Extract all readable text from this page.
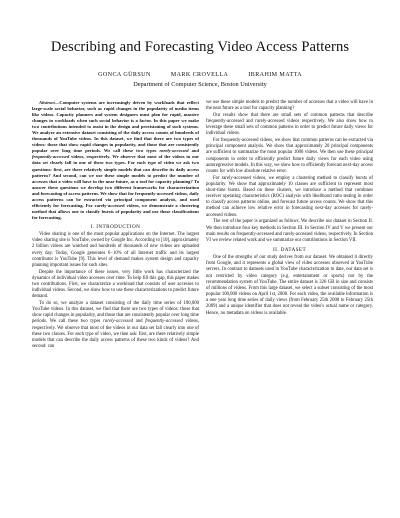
Describing and Forecasting Video Access Patterns
GONCA GÜRSUN	MARK CROVELLA	IBRAHIM MATTA
Department of Computer Science, Boston University

Abstract—Computer systems are increasingly driven by workloads that reflect large-scale social behavior, such as rapid changes in the popularity of media items like videos. Capacity planners and system designers must plan for rapid, massive changes in workloads when such social behavior is a factor. In this paper we make two contributions intended to assist in the design and provisioning of such systems. We analyze an extensive dataset consisting of the daily access counts of hundreds of thousands of YouTube videos. In this dataset, we find that there are two types of videos: those that show rapid changes in popularity, and those that are consistently popular over long time periods. We call these two types rarely-accessed and frequently-accessed videos, respectively. We observe that most of the videos in our data set clearly fall in one of these two types. For each type of video we ask two questions: first, are there relatively simple models that can describe its daily access patterns? And second, can we use these simple models to predict the number of accesses that a video will have in the near future, as a tool for capacity planning? To answer these questions we develop two different frameworks for characterization and forecasting of access patterns. We show that for frequently-accessed videos, daily access patterns can be extracted via principal component analysis, and used efficiently for forecasting. For rarely-accessed videos, we demonstrate a clustering method that allows one to classify bursts of popularity and use those classifications for forecasting.

I. INTRODUCTION

Video sharing is one of the most popular applications on the Internet. The largest video sharing site is YouTube, owned by Google Inc. According to [10], approximately 2 billion videos are watched and hundreds of thousands of new videos are uploaded every day. Today, Google generates 6−10% of all Internet traffic and its largest contributor is YouTube [9]. This level of demand makes system design and capacity planning important issues for such sites.

Despite the importance of these issues, very little work has characterized the dynamics of individual video accesses over time. To help fill this gap, this paper makes two contributions. First, we characterize a workload that consists of user accesses to individual videos. Second, we show how to use these characterizations to predict future demand.

To do so, we analyze a dataset consisting of the daily time series of 100,000 YouTube videos. In this dataset, we find that there are two types of videos: those that show rapid changes in popularity, and those that are consistently popular over long time periods. We call these two types rarely-accessed and frequently-accessed videos, respectively. We observe that most of the videos in our data set fall clearly into one of these two classes. For each type of video, we then ask: first, are there relatively simple models that can describe the daily access patterns of these two kinds of videos? And second: can

we use these simple models to predict the number of accesses that a video will have in the near future as a tool for capacity planning?

Our results show that there are small sets of common patterns that describe frequently-accessed and rarely-accessed videos respectively. We also show how to leverage these small sets of common patterns in order to predict future daily views for individual videos.

For frequently-accessed videos, we show that common patterns can be extracted via principal component analysis. We show that approximately 20 principal components are sufficient to summarize the most popular 1000 videos. We then use these principal components in order to efficiently predict future daily views for each video using autoregressive models. In this way, we show how to efficiently forecast next-day access counts for with low absolute relative error.

For rarely-accessed videos, we employ a clustering method to classify bursts of popularity. We show that approximately 10 classes are sufficient to represent most short-time bursts. Based on these clusters, we introduce a method that combines receiver operating characteristics (ROC) analysis with likelihood ratio testing in order to classify access patterns online, and forecast future access counts. We show that this method can achieve low relative error in forecasting next-day accesses for rarely-accessed videos.

The rest of the paper is organized as follows. We describe our dataset in Section II. We then introduce four key methods in Section III. In Section IV and V we present our main results on frequently-accessed and rarely-accessed videos, respectively. In Section VI we review related work and we summarize our contributions in Section VII.

II. DATASET

One of the strengths of our study derives from our dataset. We obtained it directly from Google, and it represents a global view of video accesses observed at YouTube servers. In contrast to datasets used in YouTube characterization to date, our data set is not restricted by video category (e.g. entertainment or sports) nor by the recommendation system of YouTube. The entire dataset is 326 GB in size and consists of millions of videos. From this large dataset, we select a subset consisting of the most popular 100,000 videos on April 1st, 2008. For each video, the available information is a one year long time series of daily views (from February 25th 2008 to February 25th 2009) and a unique identifier that does not reveal the video's actual name or category. Hence, no metadata on videos is available.
